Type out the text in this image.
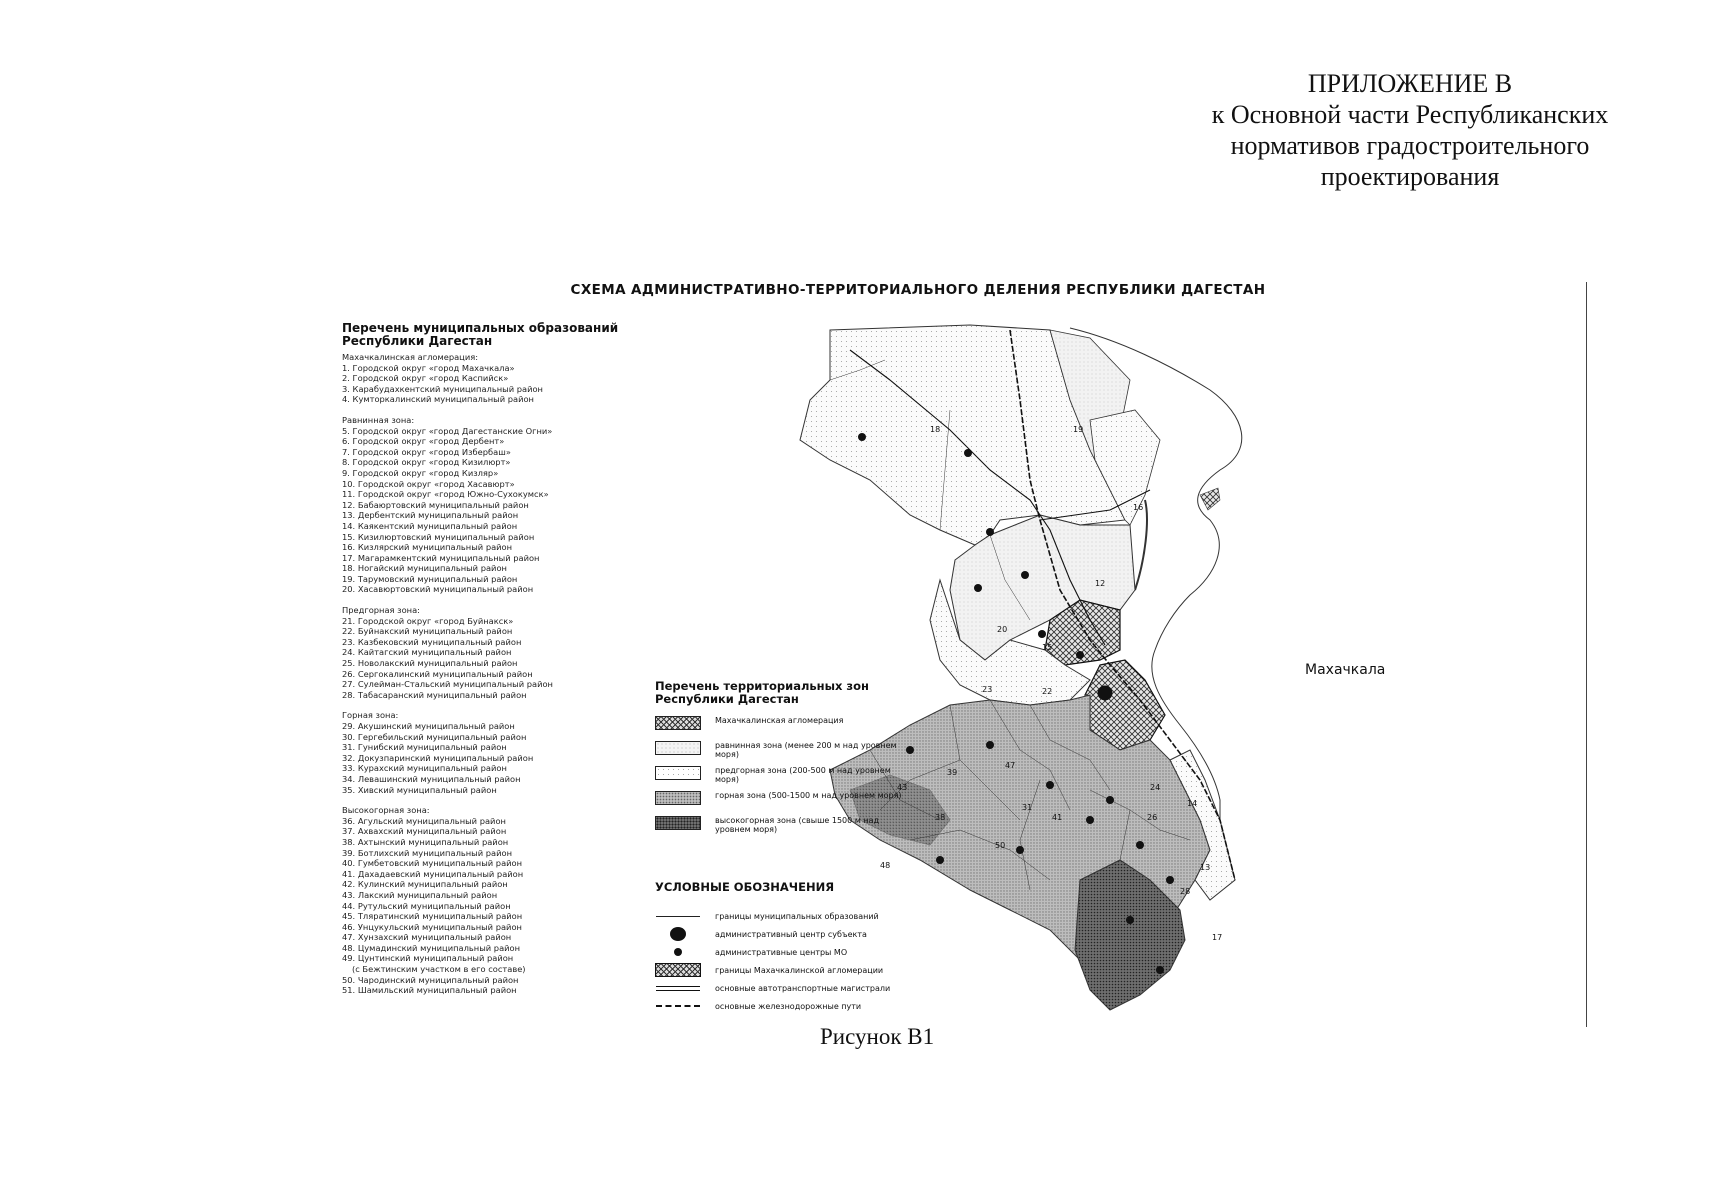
ПРИЛОЖЕНИЕ В
к Основной части Республиканских
нормативов градостроительного
проектирования
СХЕМА АДМИНИСТРАТИВНО-ТЕРРИТОРИАЛЬНОГО ДЕЛЕНИЯ РЕСПУБЛИКИ ДАГЕСТАН
Перечень муниципальных образований Республики Дагестан
Махачкалинская агломерация:
1. Городской округ «город Махачкала»
2. Городской округ «город Каспийск»
3. Карабудахкентский муниципальный район
4. Кумторкалинский муниципальный район
Равнинная зона:
5. Городской округ «город Дагестанские Огни»
6. Городской округ «город Дербент»
7. Городской округ «город Избербаш»
8. Городской округ «город Кизилюрт»
9. Городской округ «город Кизляр»
10. Городской округ «город Хасавюрт»
11. Городской округ «город Южно-Сухокумск»
12. Бабаюртовский муниципальный район
13. Дербентский муниципальный район
14. Каякентский муниципальный район
15. Кизилюртовский муниципальный район
16. Кизлярский муниципальный район
17. Магарамкентский муниципальный район
18. Ногайский муниципальный район
19. Тарумовский муниципальный район
20. Хасавюртовский муниципальный район
Предгорная зона:
21. Городской округ «город Буйнакск»
22. Буйнакский муниципальный район
23. Казбековский муниципальный район
24. Кайтагский муниципальный район
25. Новолакский муниципальный район
26. Сергокалинский муниципальный район
27. Сулейман-Стальский муниципальный район
28. Табасаранский муниципальный район
Горная зона:
29. Акушинский муниципальный район
30. Гергебильский муниципальный район
31. Гунибский муниципальный район
32. Докузпаринский муниципальный район
33. Курахский муниципальный район
34. Левашинский муниципальный район
35. Хивский муниципальный район
Высокогорная зона:
36. Агульский муниципальный район
37. Ахвахский муниципальный район
38. Ахтынский муниципальный район
39. Ботлихский муниципальный район
40. Гумбетовский муниципальный район
41. Дахадаевский муниципальный район
42. Кулинский муниципальный район
43. Лакский муниципальный район
44. Рутульский муниципальный район
45. Тляратинский муниципальный район
46. Унцукульский муниципальный район
47. Хунзахский муниципальный район
48. Цумадинский муниципальный район
49. Цунтинский муниципальный район
(с Бежтинским участком в его составе)
50. Чародинский муниципальный район
51. Шамильский муниципальный район
18	19
16
12
20
15
22
23
24
14
13
26
28
17
31
50
41
38
43
39
47
48
Махачкала
Перечень территориальных зон Республики Дагестан
Махачкалинская агломерация
равнинная зона (менее 200 м над уровнем моря)
предгорная зона (200-500 м над уровнем моря)
горная зона (500-1500 м над уровнем моря)
высокогорная зона (свыше 1500 м над уровнем моря)
УСЛОВНЫЕ ОБОЗНАЧЕНИЯ
границы муниципальных образований
административный центр субъекта
административные центры МО
границы Махачкалинской агломерации
основные автотранспортные магистрали
основные железнодорожные пути
Рисунок В1
